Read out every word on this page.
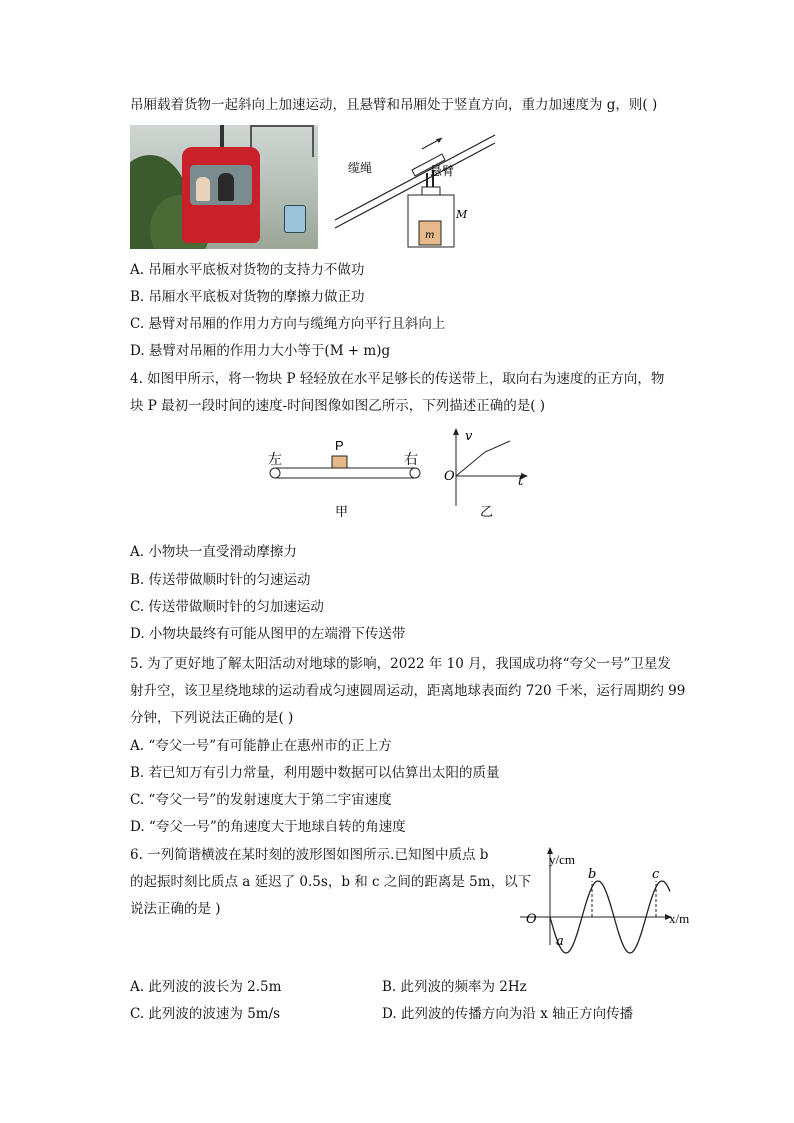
吊厢载着货物一起斜向上加速运动，且悬臂和吊厢处于竖直方向，重力加速度为 g，则( )
缆绳	悬臂
M
m
A. 吊厢水平底板对货物的支持力不做功
B. 吊厢水平底板对货物的摩擦力做正功
C. 悬臂对吊厢的作用力方向与缆绳方向平行且斜向上
D. 悬臂对吊厢的作用力大小等于(M + m)g
4. 如图甲所示，将一物块 P 轻轻放在水平足够长的传送带上，取向右为速度的正方向，物
块 P 最初一段时间的速度-时间图像如图乙所示，下列描述正确的是( )
左	右
P
甲
v
t
O
乙
A. 小物块一直受滑动摩擦力
B. 传送带做顺时针的匀速运动
C. 传送带做顺时针的匀加速运动
D. 小物块最终有可能从图甲的左端滑下传送带
5. 为了更好地了解太阳活动对地球的影响，2022 年 10 月，我国成功将“夸父一号”卫星发
射升空，该卫星绕地球的运动看成匀速圆周运动，距离地球表面约 720 千米，运行周期约 99
分钟，下列说法正确的是( )
A. “夸父一号”有可能静止在惠州市的正上方
B. 若已知万有引力常量，利用题中数据可以估算出太阳的质量
C. “夸父一号”的发射速度大于第二宇宙速度
D. “夸父一号”的角速度大于地球自转的角速度
6. 一列简谐横波在某时刻的波形图如图所示.已知图中质点 b
的起振时刻比质点 a 延迟了 0.5s，b 和 c 之间的距离是 5m，以下
说法正确的是 )
y/cm
x/m
O
a
b	c
A. 此列波的波长为 2.5m	B. 此列波的频率为 2Hz
C. 此列波的波速为 5m/s	D. 此列波的传播方向为沿 x 轴正方向传播
